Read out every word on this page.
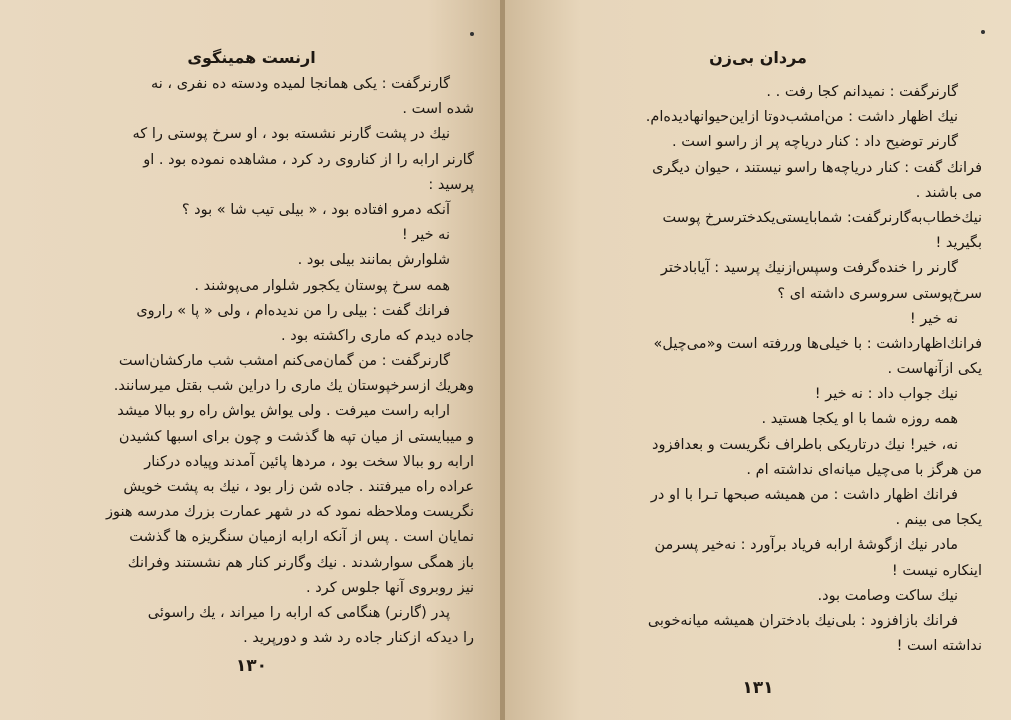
ارنست همینگوی
گارنرگفت : یکی همانجا لمیده ودسته ده نفری ، نه
شده است .
نیك در پشت گارنر نشسته بود ، او سرخ پوستی را که
گارنر ارابه را از کناروی رد کرد ، مشاهده نموده بود . او
پرسید :
آنکه دمرو افتاده بود ، « بیلی تیب شا » بود ؟
نه خیر !
شلوارش بمانند بیلی بود .
همه سرخ پوستان یکجور شلوار می‌پوشند .
فرانك گفت : بیلی را من ندیده‌ام ، ولی « پا » راروی
جاده دیدم که ماری راکشته بود .
گارنرگفت : من گمان‌می‌کنم امشب شب مارکشان‌است
وهریك ازسرخپوستان یك ماری را دراین شب بقتل میرسانند.
ارابه راست میرفت . ولی یواش یواش راه رو ببالا میشد
و میبایستی از میان تپه ها گذشت و چون برای اسبها کشیدن
ارابه رو ببالا سخت بود ، مردها پائین آمدند وپیاده درکنار
عراده راه میرفتند . جاده شن زار بود ، نیك به پشت خویش
نگریست وملاحظه نمود که در شهر عمارت بزرك مدرسه هنوز
نمایان است . پس از آنکه ارابه ازمیان سنگریزه ها گذشت
باز همگی سوارشدند . نیك وگارنر کنار هم نشستند وفرانك
نیز روبروی آنها جلوس کرد .
پدر (گارنر) هنگامی که ارابه را میراند ، یك راسوئی
را دیدکه ازکنار جاده رد شد و دورپرید .
۱۳۰
مردان بی‌زن
گارنرگفت : نمیدانم کجا رفت . .
نیك اظهار داشت : من‌امشب‌دوتا ازاین‌حیوانهادیده‌ام.
گارنر توضیح داد : کنار دریاچه پر از راسو است .
فرانك گفت : کنار دریاچه‌ها راسو نیستند ، حیوان دیگری
می باشند .
نیك‌خطاب‌به‌گارنرگفت: شمابایستی‌یکدخترسرخ پوست
بگیرید !
گارنر را خنده‌گرفت وسپس‌ازنیك پرسید : آیا‌بادختر
سرخ‌پوستی سروسری داشته ای ؟
نه خیر !
فرانك‌اظهارداشت : با خیلی‌ها وررفته است و«می‌چیل»
یکی ازآنهاست .
نیك جواب داد : نه خیر !
همه روزه شما با او یکجا هستید .
نه، خیر! نیك درتاریکی باطراف نگریست و بعدافزود
من هرگز با می‌چیل میانه‌ای نداشته ام .
فرانك اظهار داشت : من همیشه صبحها تـرا با او در
یکجا می بینم .
مادر نیك ازگوشهٔ ارابه فریاد برآورد : نه‌خیر پسرمن
اینکاره نیست !
نیك ساکت وصامت بود.
فرانك بازافزود : بلی‌نیك بادختران همیشه میانه‌خوبی
نداشته است !
۱۳۱
